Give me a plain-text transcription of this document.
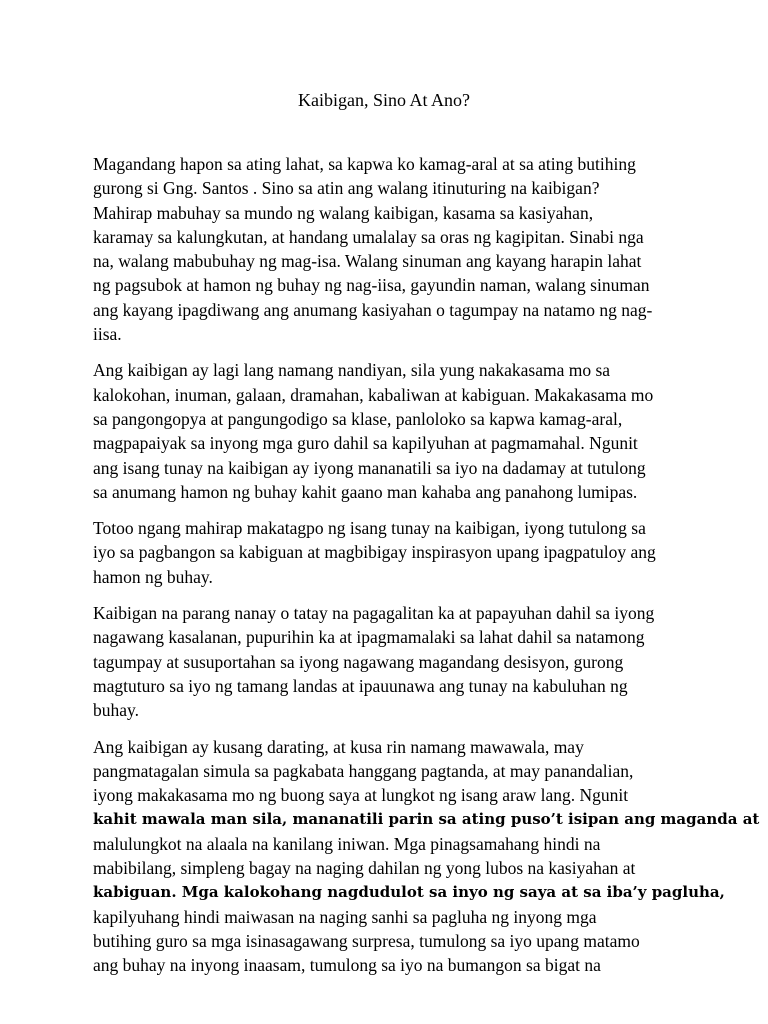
Kaibigan, Sino At Ano?

Magandang hapon sa ating lahat, sa kapwa ko kamag-aral at sa ating butihing
gurong si Gng. Santos . Sino sa atin ang walang itinuturing na kaibigan?
Mahirap mabuhay sa mundo ng walang kaibigan, kasama sa kasiyahan,
karamay sa kalungkutan, at handang umalalay sa oras ng kagipitan. Sinabi nga
na, walang mabubuhay ng mag-isa. Walang sinuman ang kayang harapin lahat
ng pagsubok at hamon ng buhay ng nag-iisa, gayundin naman, walang sinuman
ang kayang ipagdiwang ang anumang kasiyahan o tagumpay na natamo ng nag-
iisa.

Ang kaibigan ay lagi lang namang nandiyan, sila yung nakakasama mo sa
kalokohan, inuman, galaan, dramahan, kabaliwan at kabiguan. Makakasama mo
sa pangongopya at pangungodigo sa klase, panloloko sa kapwa kamag-aral,
magpapaiyak sa inyong mga guro dahil sa kapilyuhan at pagmamahal. Ngunit
ang isang tunay na kaibigan ay iyong mananatili sa iyo na dadamay at tutulong
sa anumang hamon ng buhay kahit gaano man kahaba ang panahong lumipas.

Totoo ngang mahirap makatagpo ng isang tunay na kaibigan, iyong tutulong sa
iyo sa pagbangon sa kabiguan at magbibigay inspirasyon upang ipagpatuloy ang
hamon ng buhay.

Kaibigan na parang nanay o tatay na pagagalitan ka at papayuhan dahil sa iyong
nagawang kasalanan, pupurihin ka at ipagmamalaki sa lahat dahil sa natamong
tagumpay at susuportahan sa iyong nagawang magandang desisyon, gurong
magtuturo sa iyo ng tamang landas at ipauunawa ang tunay na kabuluhan ng
buhay.

Ang kaibigan ay kusang darating, at kusa rin namang mawawala, may
pangmatagalan simula sa pagkabata hanggang pagtanda, at may panandalian,
iyong makakasama mo ng buong saya at lungkot ng isang araw lang. Ngunit
kahit mawala man sila, mananatili parin sa ating puso’t isipan ang maganda at
malulungkot na alaala na kanilang iniwan. Mga pinagsamahang hindi na
mabibilang, simpleng bagay na naging dahilan ng yong lubos na kasiyahan at
kabiguan. Mga kalokohang nagdudulot sa inyo ng saya at sa iba’y pagluha,
kapilyuhang hindi maiwasan na naging sanhi sa pagluha ng inyong mga
butihing guro sa mga isinasagawang surpresa, tumulong sa iyo upang matamo
ang buhay na inyong inaasam, tumulong sa iyo na bumangon sa bigat na
